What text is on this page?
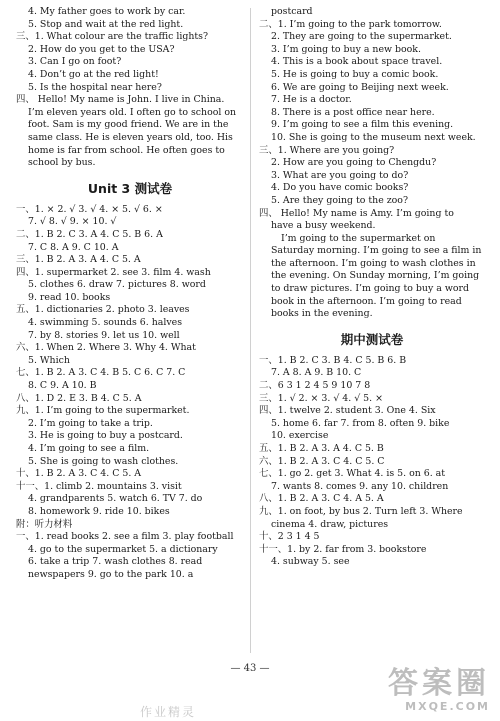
4. My father goes to work by car.
5. Stop and wait at the red light.
三、1. What colour are the traffic lights?
2. How do you get to the USA?
3. Can I go on foot?
4. Don’t go at the red light!
5. Is the hospital near here?
四、 Hello! My name is John. I live in China.
I’m eleven years old. I often go to school on
foot. Sam is my good friend. We are in the
same class. He is eleven years old, too. His
home is far from school. He often goes to
school by bus.
Unit 3 测试卷
一、1. × 2. √ 3. √ 4. × 5. √ 6. ×
7. √ 8. √ 9. × 10. √
二、1. B 2. C 3. A 4. C 5. B 6. A
7. C 8. A 9. C 10. A
三、1. B 2. A 3. A 4. C 5. A
四、1. supermarket 2. see 3. film 4. wash
5. clothes 6. draw 7. pictures 8. word
9. read 10. books
五、1. dictionaries 2. photo 3. leaves
4. swimming 5. sounds 6. halves
7. by 8. stories 9. let us 10. well
六、1. When 2. Where 3. Why 4. What
5. Which
七、1. B 2. A 3. C 4. B 5. C 6. C 7. C
8. C 9. A 10. B
八、1. D 2. E 3. B 4. C 5. A
九、1. I’m going to the supermarket.
2. I’m going to take a trip.
3. He is going to buy a postcard.
4. I’m going to see a film.
5. She is going to wash clothes.
十、1. B 2. A 3. C 4. C 5. A
十一、1. climb 2. mountains 3. visit
4. grandparents 5. watch 6. TV 7. do
8. homework 9. ride 10. bikes
附：听力材料
一、1. read books 2. see a film 3. play football
4. go to the supermarket 5. a dictionary
6. take a trip 7. wash clothes 8. read
newspapers 9. go to the park 10. a
postcard
二、1. I’m going to the park tomorrow.
2. They are going to the supermarket.
3. I’m going to buy a new book.
4. This is a book about space travel.
5. He is going to buy a comic book.
6. We are going to Beijing next week.
7. He is a doctor.
8. There is a post office near here.
9. I’m going to see a film this evening.
10. She is going to the museum next week.
三、1. Where are you going?
2. How are you going to Chengdu?
3. What are you going to do?
4. Do you have comic books?
5. Are they going to the zoo?
四、 Hello! My name is Amy. I’m going to
have a busy weekend.
I’m going to the supermarket on
Saturday morning. I’m going to see a film in
the afternoon. I’m going to wash clothes in
the evening. On Sunday morning, I’m going
to draw pictures. I’m going to buy a word
book in the afternoon. I’m going to read
books in the evening.
期中测试卷
一、1. B 2. C 3. B 4. C 5. B 6. B
7. A 8. A 9. B 10. C
二、6 3 1 2 4 5 9 10 7 8
三、1. √ 2. × 3. √ 4. √ 5. ×
四、1. twelve 2. student 3. One 4. Six
5. home 6. far 7. from 8. often 9. bike
10. exercise
五、1. B 2. A 3. A 4. C 5. B
六、1. B 2. A 3. C 4. C 5. C
七、1. go 2. get 3. What 4. is 5. on 6. at
7. wants 8. comes 9. any 10. children
八、1. B 2. A 3. C 4. A 5. A
九、1. on foot, by bus 2. Turn left 3. Where
cinema 4. draw, pictures
十、2 3 1 4 5
十一、1. by 2. far from 3. bookstore
4. subway 5. see
— 43 —
作业精灵
答案圈
MXQE.COM
